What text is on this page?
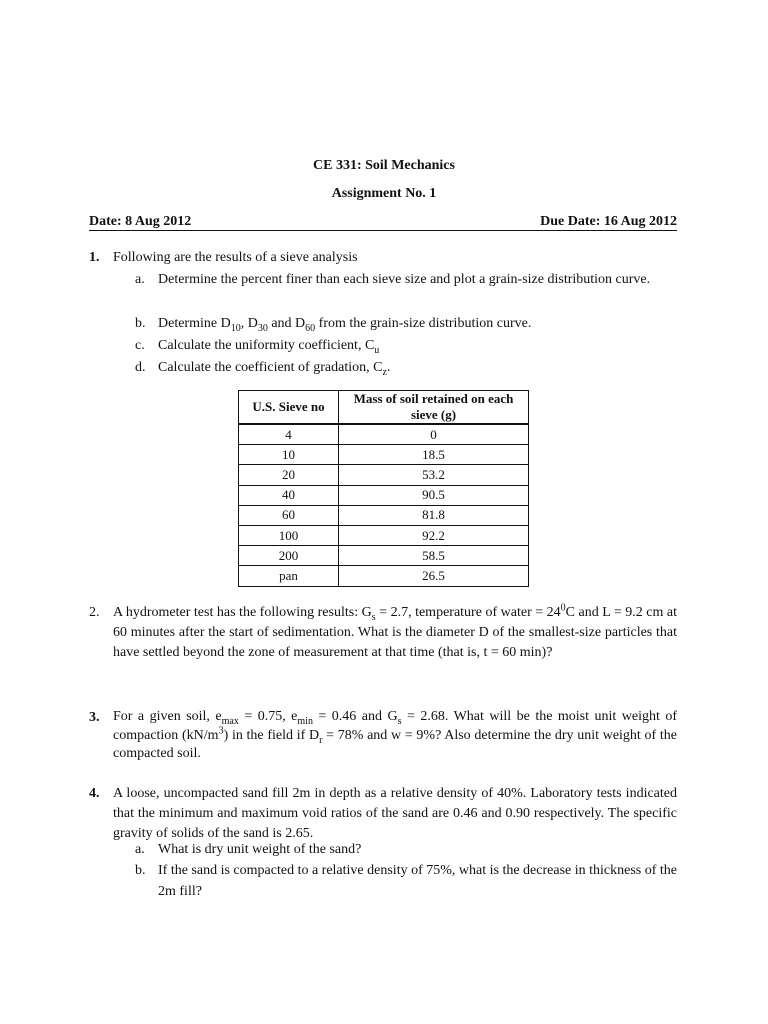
CE 331: Soil Mechanics
Assignment No. 1
Date: 8 Aug 2012	Due Date: 16 Aug 2012
1. Following are the results of a sieve analysis
a. Determine the percent finer than each sieve size and plot a grain-size distribution curve.
b. Determine $D_{10}$, $D_{30}$ and $D_{60}$ from the grain-size distribution curve.
c. Calculate the uniformity coefficient, $C_u$
d. Calculate the coefficient of gradation, $C_z$.
U.S. Sieve no	Mass of soil retained on each sieve (g)
4	0
10	18.5
20	53.2
40	90.5
60	81.8
100	92.2
200	58.5
pan	26.5
2. A hydrometer test has the following results: $G_s = 2.7$, temperature of water = $24^0C$ and L = 9.2 cm at 60 minutes after the start of sedimentation. What is the diameter D of the smallest-size particles that have settled beyond the zone of measurement at that time (that is, t = 60 min)?
3. For a given soil, $e_{max} = 0.75$, $e_{min} = 0.46$ and $G_s = 2.68$. What will be the moist unit weight of compaction $(kN/m^3)$ in the field if $D_r = 78\%$ and w = 9%? Also determine the dry unit weight of the compacted soil.
4. A loose, uncompacted sand fill 2m in depth as a relative density of 40%. Laboratory tests indicated that the minimum and maximum void ratios of the sand are 0.46 and 0.90 respectively. The specific gravity of solids of the sand is 2.65.
a. What is dry unit weight of the sand?
b. If the sand is compacted to a relative density of 75%, what is the decrease in thickness of the 2m fill?
